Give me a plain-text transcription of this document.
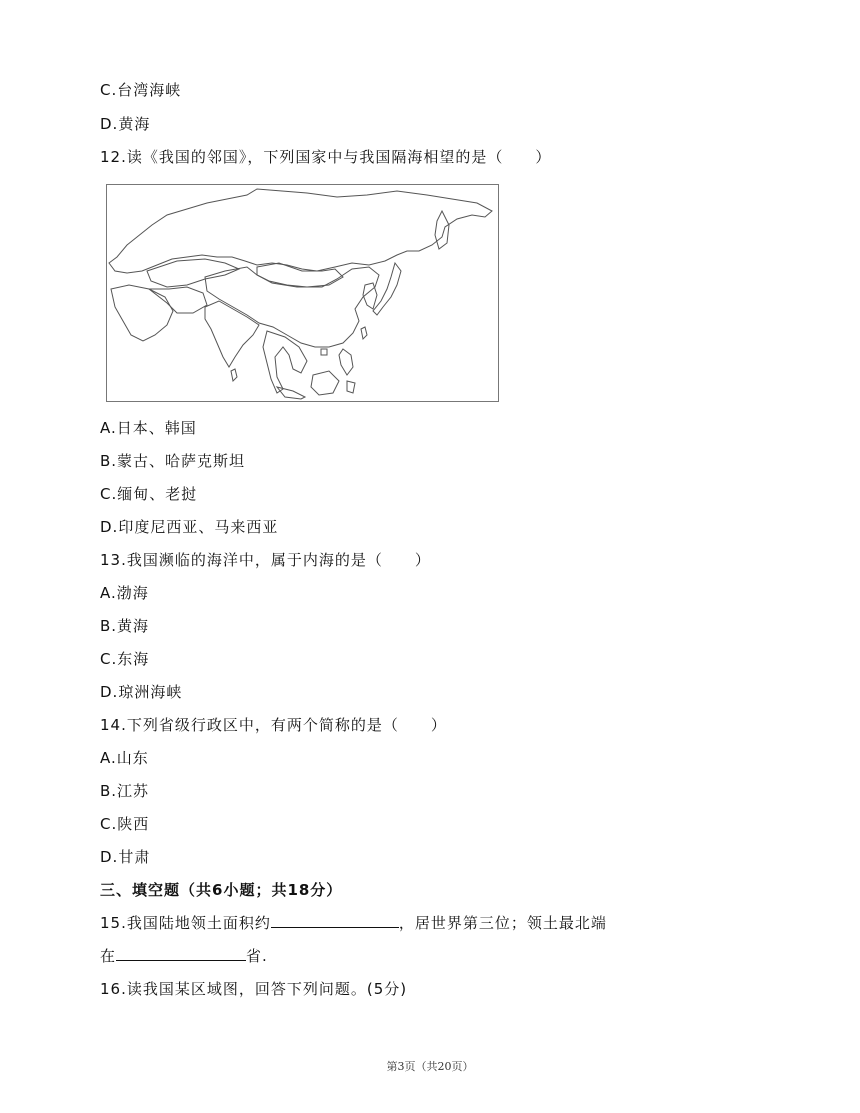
C.台湾海峡
D.黄海
12.读《我国的邻国》，下列国家中与我国隔海相望的是（　　）
A.日本、韩国
B.蒙古、哈萨克斯坦
C.缅甸、老挝
D.印度尼西亚、马来西亚
13.我国濒临的海洋中，属于内海的是（　　）
A.渤海
B.黄海
C.东海
D.琼洲海峡
14.下列省级行政区中，有两个简称的是（　　）
A.山东
B.江苏
C.陕西
D.甘肃
三、填空题（共6小题；共18分）
15.我国陆地领土面积约	，居世界第三位；领土最北端
在	省.
16.读我国某区域图，回答下列问题。(5分)
第3页（共20页）
